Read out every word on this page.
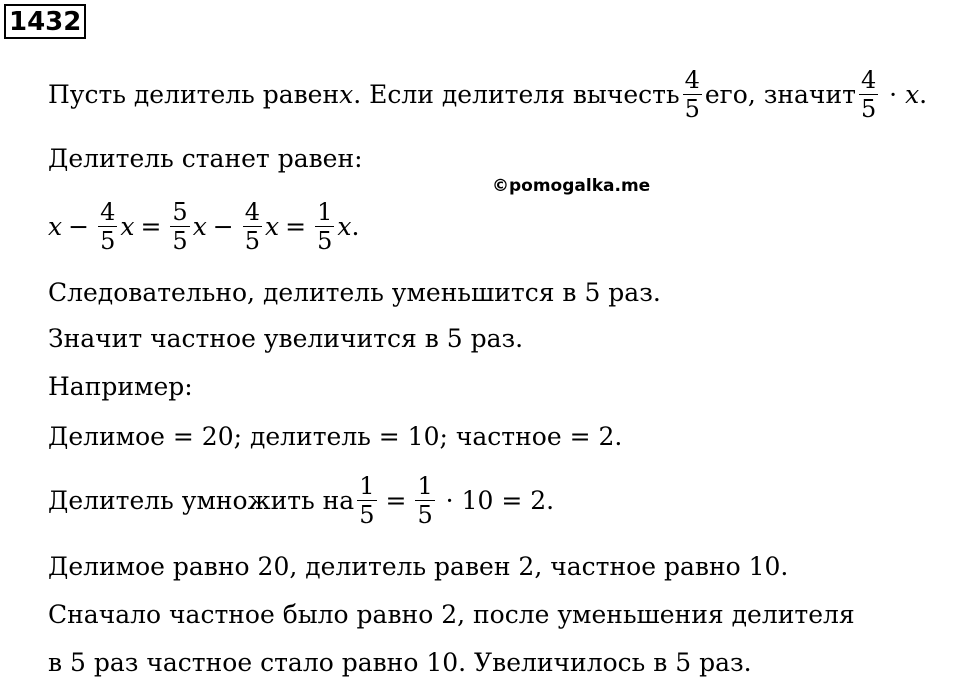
1432
©pomogalka.me
Пусть делитель равен x . Если делителя вычесть $\frac{4}{5}$ его, значит $\frac{4}{5} \cdot x$ .
Делитель станет равен:
$x - \frac{4}{5}$ $x = \frac{5}{5}$ $x - \frac{4}{5}$ $x = \frac{1}{5}$ x .
Следовательно, делитель уменьшится в 5 раз.
Значит частное увеличится в 5 раз.
Например:
Делимое = 20; делитель = 10; частное = 2.
Делитель умножить на $\frac{1}{5} = \frac{1}{5} \cdot 10 = 2$.
Делимое равно 20, делитель равен 2, частное равно 10.
Сначало частное было равно 2, после уменьшения делителя
в 5 раз частное стало равно 10. Увеличилось в 5 раз.
